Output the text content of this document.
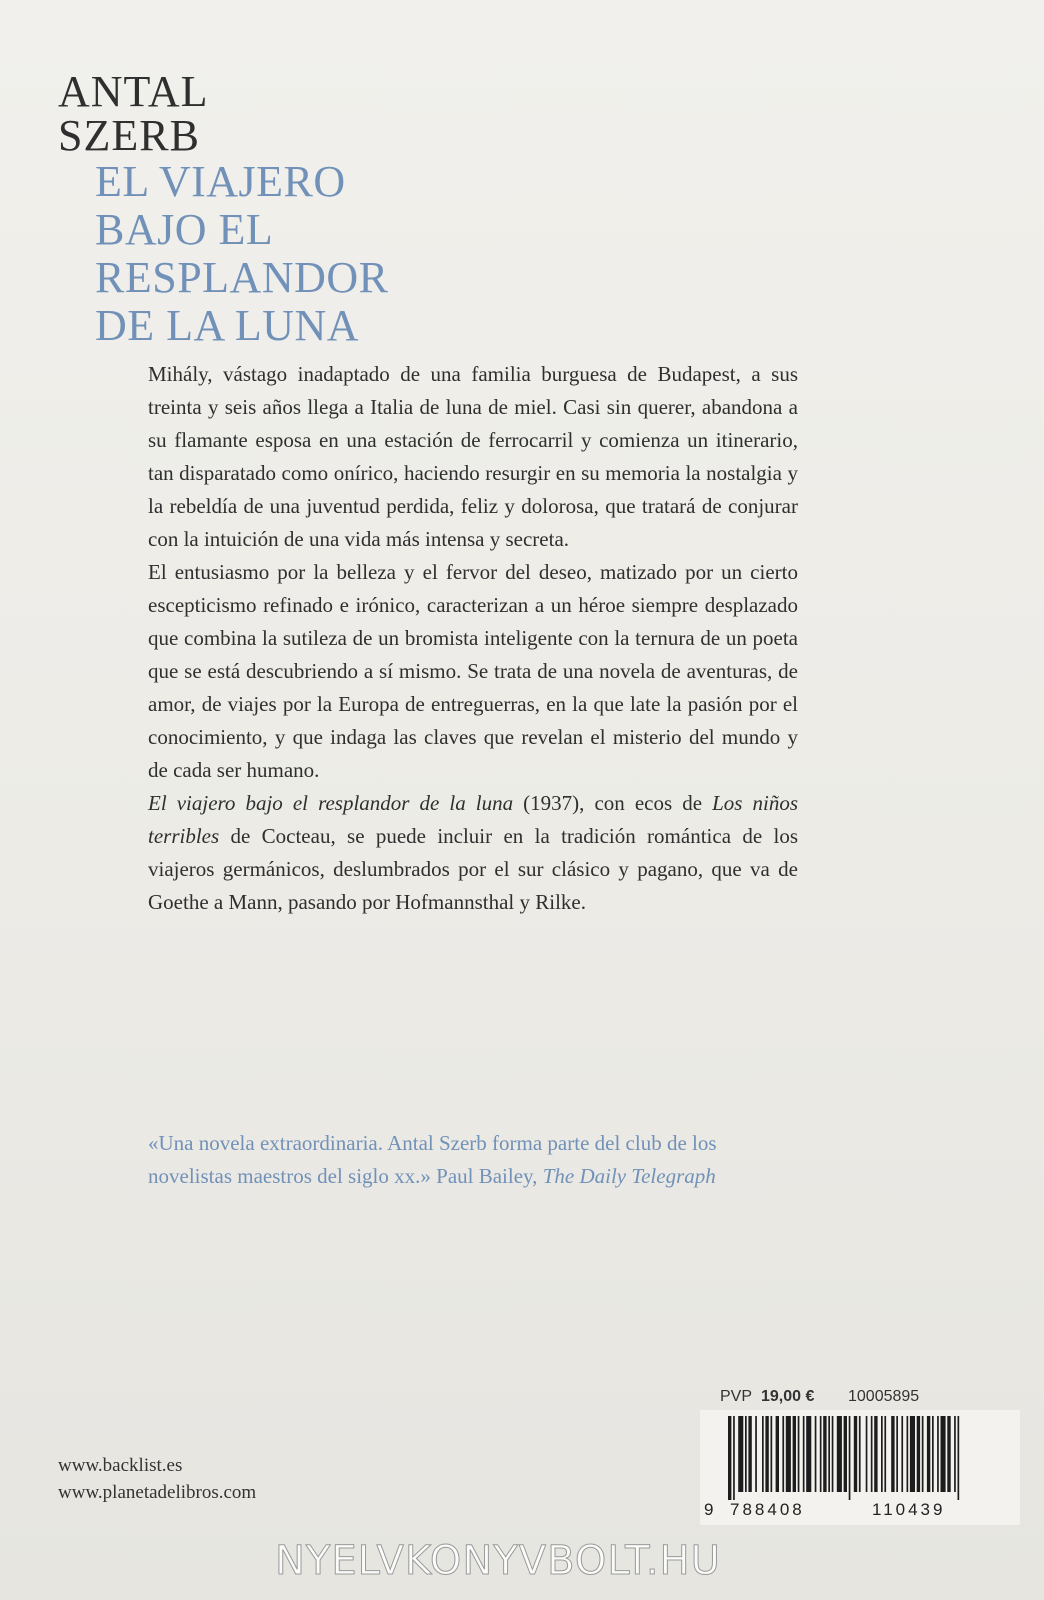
ANTAL
SZERB
EL VIAJERO
BAJO EL
RESPLANDOR
DE LA LUNA

Mihály, vástago inadaptado de una familia burguesa de Budapest, a sus treinta y seis años llega a Italia de luna de miel. Casi sin querer, abandona a su flamante esposa en una estación de ferrocarril y comienza un itinerario, tan disparatado como onírico, haciendo resurgir en su memoria la nostalgia y la rebeldía de una juventud perdida, feliz y dolorosa, que tratará de conjurar con la intuición de una vida más intensa y secreta.

El entusiasmo por la belleza y el fervor del deseo, matizado por un cierto escepticismo refinado e irónico, caracterizan a un héroe siempre desplazado que combina la sutileza de un bromista inteligente con la ternura de un poeta que se está descubriendo a sí mismo. Se trata de una novela de aventuras, de amor, de viajes por la Europa de entreguerras, en la que late la pasión por el conocimiento, y que indaga las claves que revelan el misterio del mundo y de cada ser humano.

El viajero bajo el resplandor de la luna (1937), con ecos de Los niños terribles de Cocteau, se puede incluir en la tradición romántica de los viajeros germánicos, deslumbrados por el sur clásico y pagano, que va de Goethe a Mann, pasando por Hofmannsthal y Rilke.

«Una novela extraordinaria. Antal Szerb forma parte del club de los novelistas maestros del siglo xx.» Paul Bailey, The Daily Telegraph
www.backlist.es
www.planetadelibros.com
PVP 19,00 € 10005895
9 788408	110439
NYELVKONYVBOLT.HU
